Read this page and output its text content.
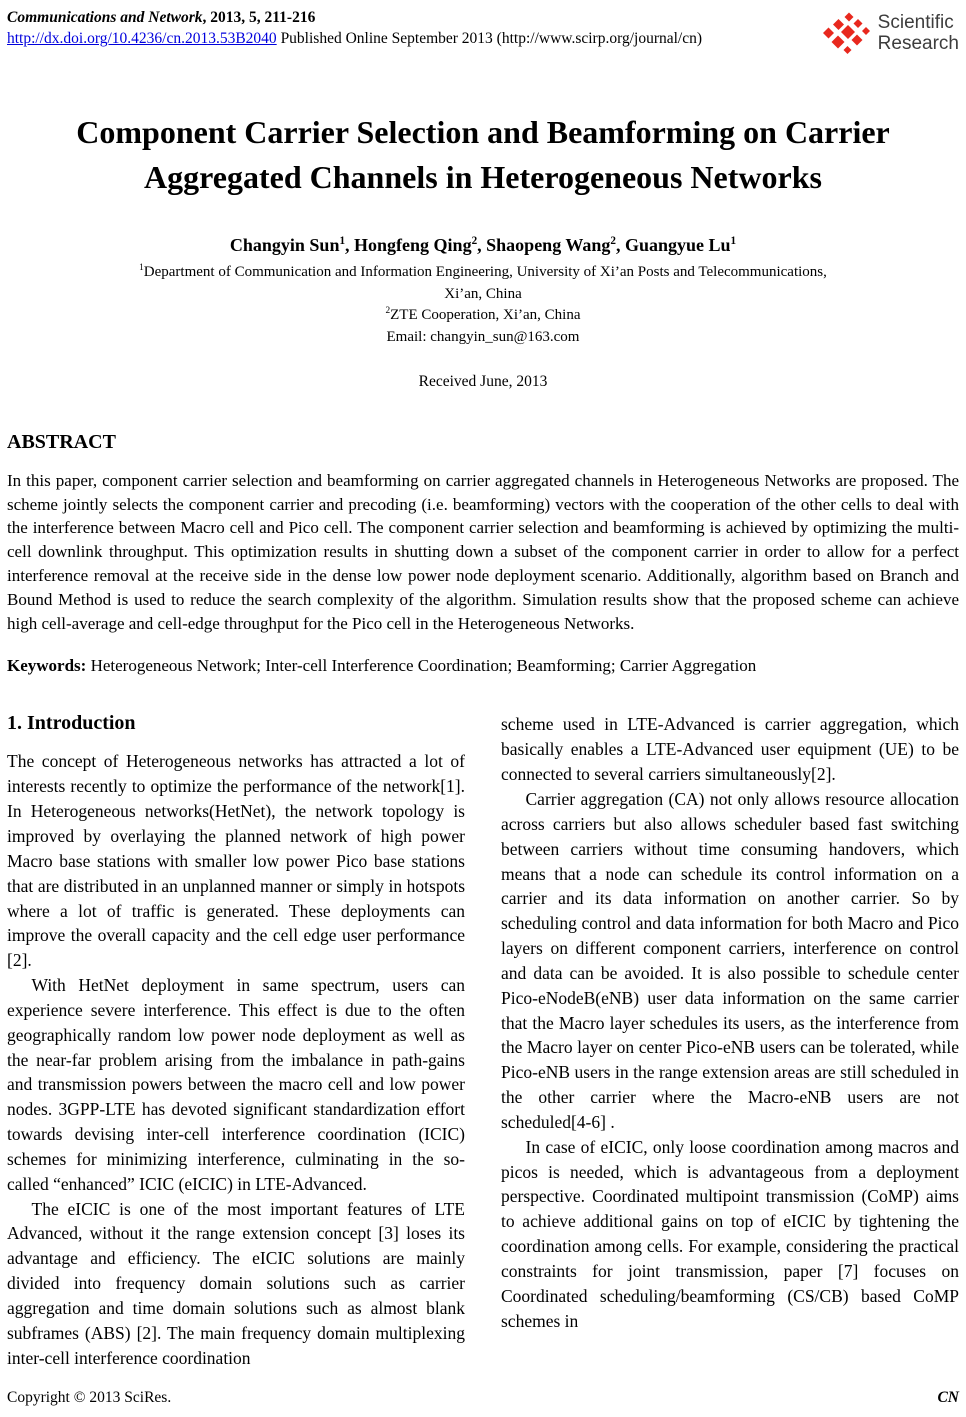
Communications and Network, 2013, 5, 211-216
http://dx.doi.org/10.4236/cn.2013.53B2040 Published Online September 2013 (http://www.scirp.org/journal/cn)
Scientific
Research
Component Carrier Selection and Beamforming on Carrier Aggregated Channels in Heterogeneous Networks
Changyin Sun$^1$, Hongfeng Qing$^2$, Shaopeng Wang$^2$, Guangyue Lu$^1$
$^1$Department of Communication and Information Engineering, University of Xi’an Posts and Telecommunications,
Xi’an, China
$^2$ZTE Cooperation, Xi’an, China
Email: changyin_sun@163.com
Received June, 2013
ABSTRACT
In this paper, component carrier selection and beamforming on carrier aggregated channels in Heterogeneous Networks are proposed. The scheme jointly selects the component carrier and precoding (i.e. beamforming) vectors with the cooperation of the other cells to deal with the interference between Macro cell and Pico cell. The component carrier selection and beamforming is achieved by optimizing the multi-cell downlink throughput. This optimization results in shutting down a subset of the component carrier in order to allow for a perfect interference removal at the receive side in the dense low power node deployment scenario. Additionally, algorithm based on Branch and Bound Method is used to reduce the search complexity of the algorithm. Simulation results show that the proposed scheme can achieve high cell-average and cell-edge throughput for the Pico cell in the Heterogeneous Networks.
Keywords: Heterogeneous Network; Inter-cell Interference Coordination; Beamforming; Carrier Aggregation
1. Introduction

The concept of Heterogeneous networks has attracted a lot of interests recently to optimize the performance of the network[1]. In Heterogeneous networks(HetNet), the network topology is improved by overlaying the planned network of high power Macro base stations with smaller low power Pico base stations that are distributed in an unplanned manner or simply in hotspots where a lot of traffic is generated. These deployments can improve the overall capacity and the cell edge user performance [2].

With HetNet deployment in same spectrum, users can experience severe interference. This effect is due to the often geographically random low power node deployment as well as the near-far problem arising from the imbalance in path-gains and transmission powers between the macro cell and low power nodes. 3GPP-LTE has devoted significant standardization effort towards devising inter-cell interference coordination (ICIC) schemes for minimizing interference, culminating in the so-called “enhanced” ICIC (eICIC) in LTE-Advanced.

The eICIC is one of the most important features of LTE Advanced, without it the range extension concept [3] loses its advantage and efficiency. The eICIC solutions are mainly divided into frequency domain solutions such as carrier aggregation and time domain solutions such as almost blank subframes (ABS) [2]. The main frequency domain multiplexing inter-cell interference coordination

scheme used in LTE-Advanced is carrier aggregation, which basically enables a LTE-Advanced user equipment (UE) to be connected to several carriers simultaneously[2].

Carrier aggregation (CA) not only allows resource allocation across carriers but also allows scheduler based fast switching between carriers without time consuming handovers, which means that a node can schedule its control information on a carrier and its data information on another carrier. So by scheduling control and data information for both Macro and Pico layers on different component carriers, interference on control and data can be avoided. It is also possible to schedule center Pico-eNodeB(eNB) user data information on the same carrier that the Macro layer schedules its users, as the interference from the Macro layer on center Pico-eNB users can be tolerated, while Pico-eNB users in the range extension areas are still scheduled in the other carrier where the Macro-eNB users are not scheduled[4-6] .

In case of eICIC, only loose coordination among macros and picos is needed, which is advantageous from a deployment perspective. Coordinated multipoint transmission (CoMP) aims to achieve additional gains on top of eICIC by tightening the coordination among cells. For example, considering the practical constraints for joint transmission, paper [7] focuses on Coordinated scheduling/beamforming (CS/CB) based CoMP schemes in

Copyright © 2013 SciRes.	CN
